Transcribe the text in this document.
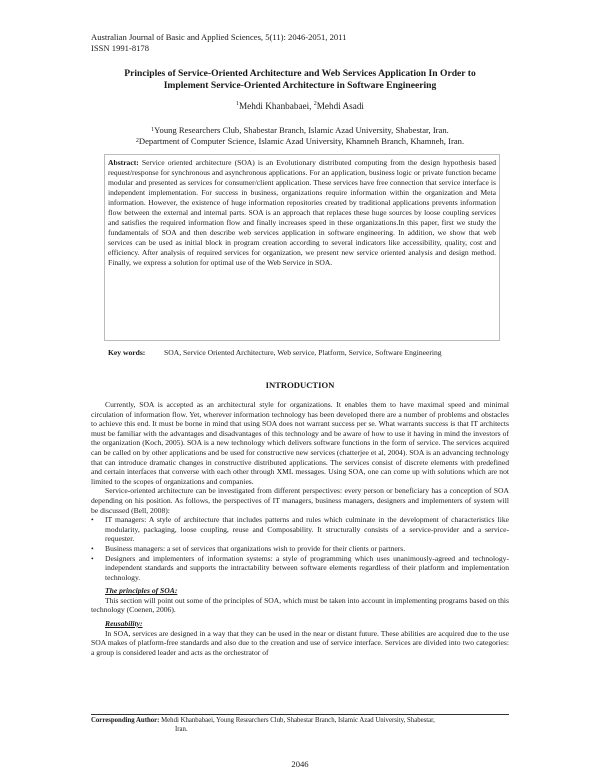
Australian Journal of Basic and Applied Sciences, 5(11): 2046-2051, 2011
ISSN 1991-8178
Principles of Service-Oriented Architecture and Web Services Application In Order to
Implement Service-Oriented Architecture in Software Engineering
$^1$Mehdi Khanbabaei, $^2$Mehdi Asadi
$^1$Young Researchers Club, Shabestar Branch, Islamic Azad University, Shabestar, Iran.
$^2$Department of Computer Science, Islamic Azad University, Khamneh Branch, Khamneh, Iran.
Abstract: Service oriented architecture (SOA) is an Evolutionary distributed computing from the design hypothesis based request/response for synchronous and asynchronous applications. For an application, business logic or private function became modular and presented as services for consumer/client application. These services have free connection that service interface is independent implementation. For success in business, organizations require information within the organization and Meta information. However, the existence of huge information repositories created by traditional applications prevents information flow between the external and internal parts. SOA is an approach that replaces these huge sources by loose coupling services and satisfies the required information flow and finally increases speed in these organizations.In this paper, first we study the fundamentals of SOA and then describe web services application in software engineering. In addition, we show that web services can be used as initial block in program creation according to several indicators like accessibility, quality, cost and efficiency. After analysis of required services for organization, we present new service oriented analysis and design method. Finally, we express a solution for optimal use of the Web Service in SOA.
Key words:	SOA, Service Oriented Architecture, Web service, Platform, Service, Software Engineering
INTRODUCTION

Currently, SOA is accepted as an architectural style for organizations. It enables them to have maximal speed and minimal circulation of information flow. Yet, wherever information technology has been developed there are a number of problems and obstacles to achieve this end. It must be borne in mind that using SOA does not warrant success per se. What warrants success is that IT architects must be familiar with the advantages and disadvantages of this technology and be aware of how to use it having in mind the investors of the organization (Koch, 2005). SOA is a new technology which delivers software functions in the form of service. The services acquired can be called on by other applications and be used for constructive new services (chatterjee et al, 2004). SOA is an advancing technology that can introduce dramatic changes in constructive distributed applications. The services consist of discrete elements with predefined and certain interfaces that converse with each other through XML messages. Using SOA, one can come up with solutions which are not limited to the scopes of organizations and companies.

Service-oriented architecture can be investigated from different perspectives: every person or beneficiary has a conception of SOA depending on his position. As follows, the perspectives of IT managers, business managers, designers and implementers of system will be discussed (Bell, 2008):

• IT managers: A style of architecture that includes patterns and rules which culminate in the development of characteristics like modularity, packaging, loose coupling, reuse and Composability. It structurally consists of a service-provider and a service-requester.
• Business managers: a set of services that organizations wish to provide for their clients or partners.
• Designers and implementers of information systems: a style of programming which uses unanimously-agreed and technology-independent standards and supports the intractability between software elements regardless of their platform and implementation technology.

The principles of SOA:

This section will point out some of the principles of SOA, which must be taken into account in implementing programs based on this technology (Coenen, 2006).

Reusability:

In SOA, services are designed in a way that they can be used in the near or distant future. These abilities are acquired due to the use SOA makes of platform-free standards and also due to the creation and use of service interface. Services are divided into two categories: a group is considered leader and acts as the orchestrator of

Corresponding Author: Mehdi Khanbabaei, Young Researchers Club, Shabestar Branch, Islamic Azad University, Shabestar,
Iran.
2046
